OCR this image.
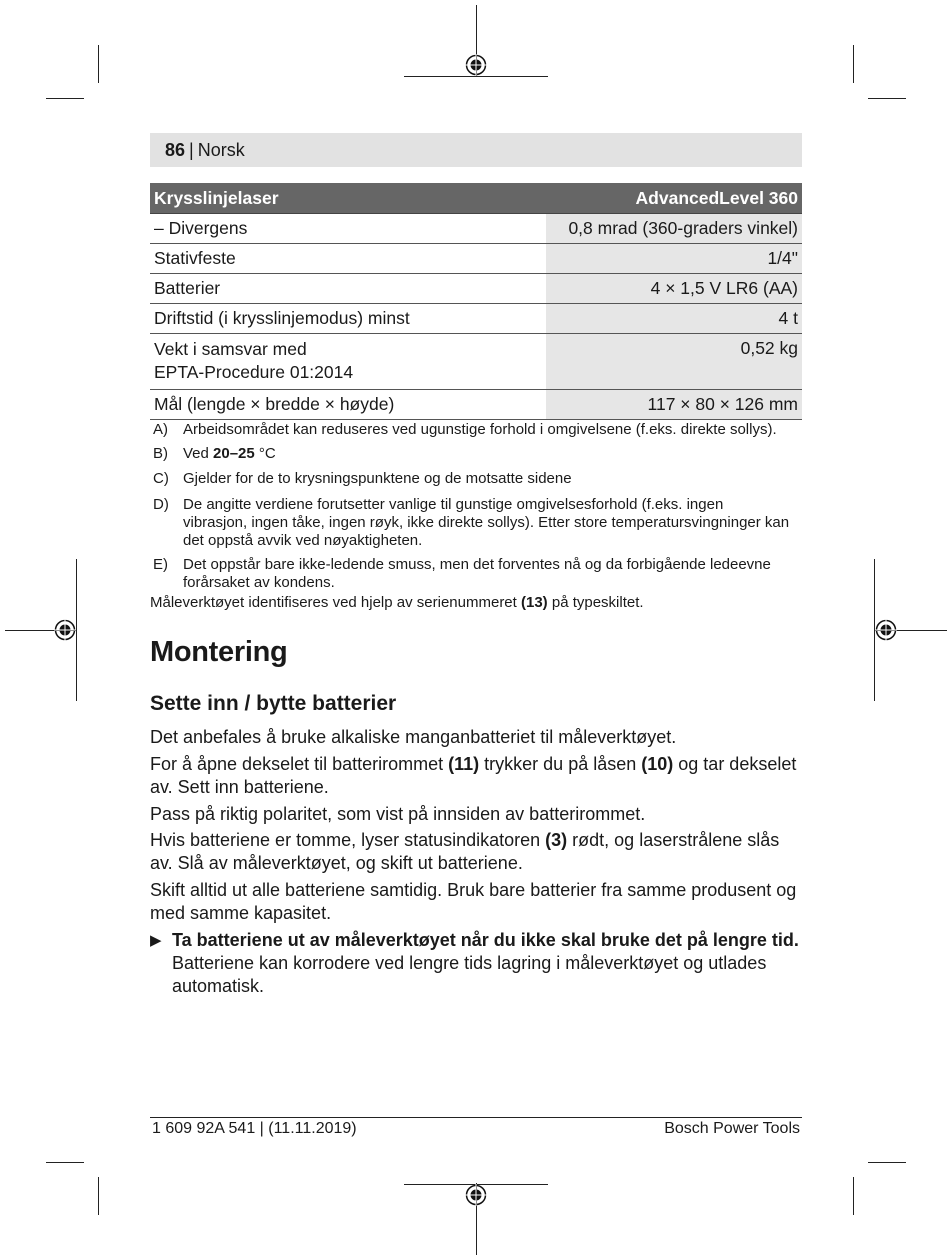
86 | Norsk
Krysslinjelaser	AdvancedLevel 360
– Divergens	0,8 mrad (360-graders vinkel)
Stativfeste	1/4"
Batterier	4 × 1,5 V LR6 (AA)
Driftstid (i krysslinjemodus) minst	4 t
Vekt i samsvar med
EPTA-Procedure 01:2014	0,52 kg
Mål (lengde × bredde × høyde)	117 × 80 × 126 mm
A) Arbeidsområdet kan reduseres ved ugunstige forhold i omgivelsene (f.eks. direkte sollys).
B) Ved 20–25 °C
C) Gjelder for de to krysningspunktene og de motsatte sidene
D) De angitte verdiene forutsetter vanlige til gunstige omgivelsesforhold (f.eks. ingen vibrasjon, ingen tåke, ingen røyk, ikke direkte sollys). Etter store temperatursvingninger kan det oppstå avvik ved nøyaktigheten.
E) Det oppstår bare ikke-ledende smuss, men det forventes nå og da forbigående ledeevne forårsaket av kondens.
Måleverktøyet identifiseres ved hjelp av serienummeret (13) på typeskiltet.
Montering
Sette inn / bytte batterier
Det anbefales å bruke alkaliske manganbatteriet til måleverktøyet.
For å åpne dekselet til batterirommet (11) trykker du på låsen (10) og tar dekselet av. Sett inn batteriene.
Pass på riktig polaritet, som vist på innsiden av batterirommet.
Hvis batteriene er tomme, lyser statusindikatoren (3) rødt, og laserstrålene slås av. Slå av måleverktøyet, og skift ut batteriene.
Skift alltid ut alle batteriene samtidig. Bruk bare batterier fra samme produsent og med samme kapasitet.
▶ Ta batteriene ut av måleverktøyet når du ikke skal bruke det på lengre tid.
Batteriene kan korrodere ved lengre tids lagring i måleverktøyet og utlades automatisk.
1 609 92A 541 | (11.11.2019)	Bosch Power Tools
